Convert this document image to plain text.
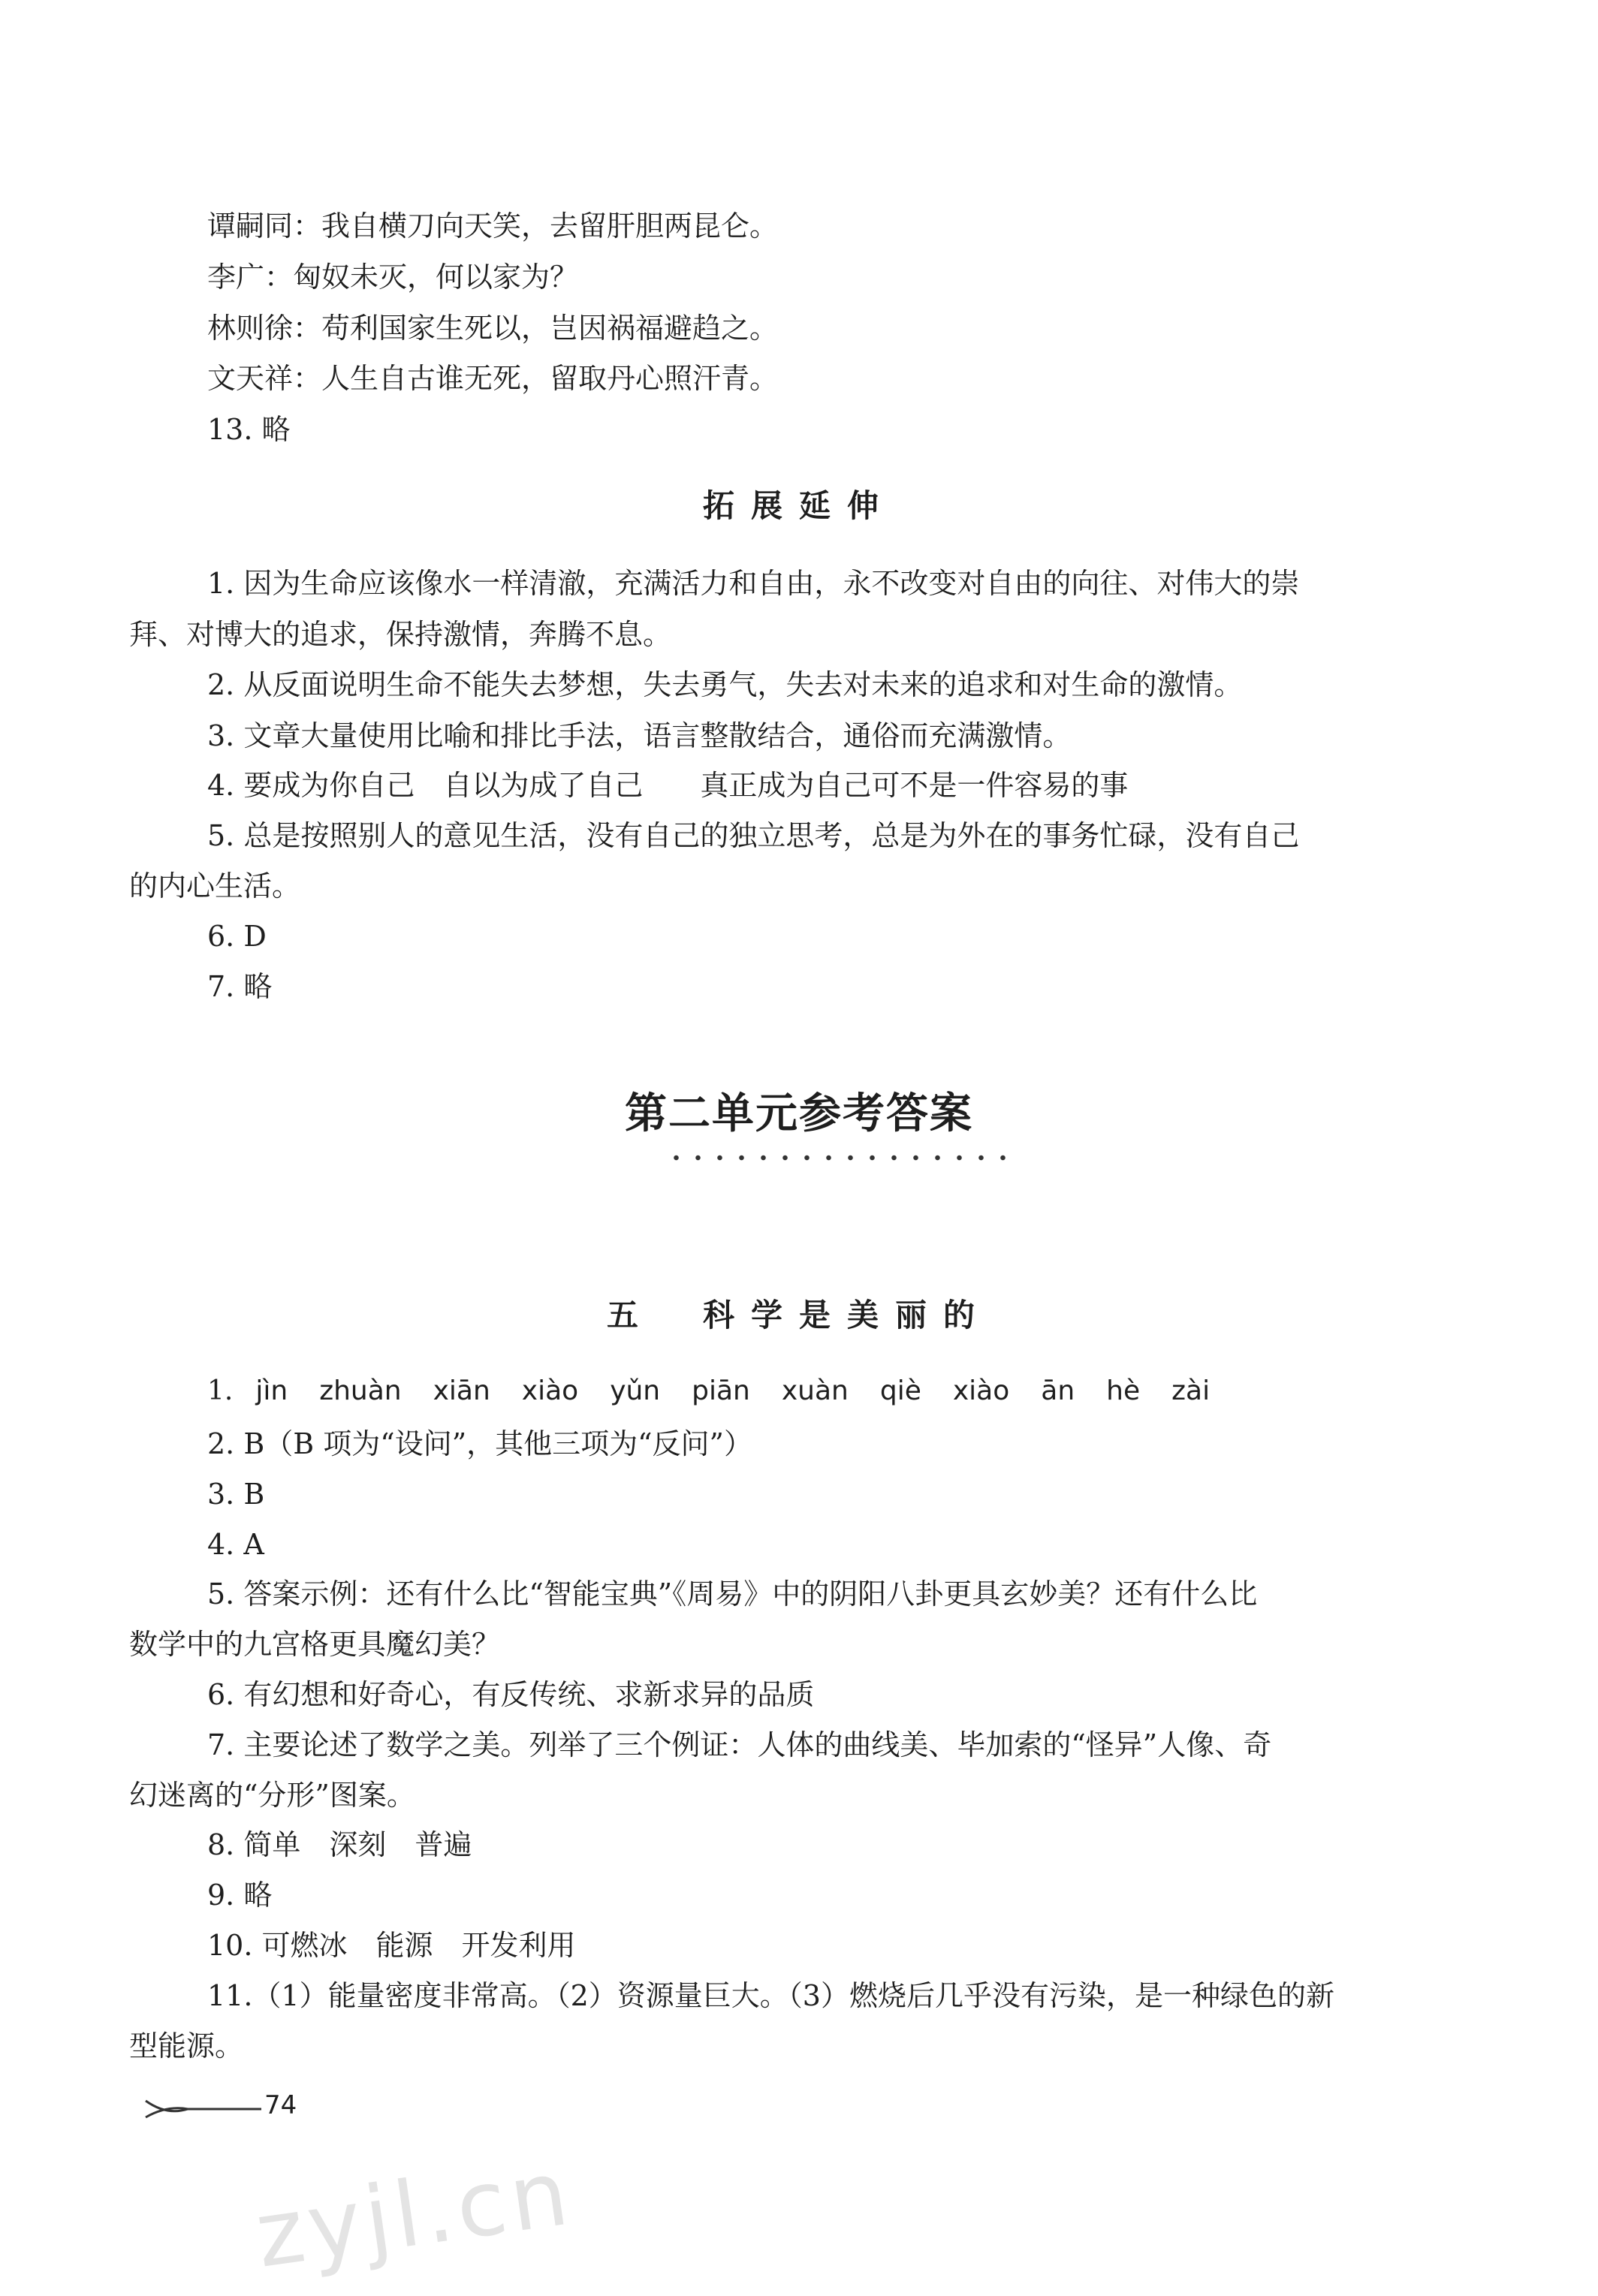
谭嗣同：我自横刀向天笑，去留肝胆两昆仑。
李广：匈奴未灭，何以家为？
林则徐：苟利国家生死以，岂因祸福避趋之。
文天祥：人生自古谁无死，留取丹心照汗青。
13. 略
拓展延伸
1. 因为生命应该像水一样清澈，充满活力和自由，永不改变对自由的向往、对伟大的崇
拜、对博大的追求，保持激情，奔腾不息。
2. 从反面说明生命不能失去梦想，失去勇气，失去对未来的追求和对生命的激情。
3. 文章大量使用比喻和排比手法，语言整散结合，通俗而充满激情。
4. 要成为你自己　自以为成了自己　　真正成为自己可不是一件容易的事
5. 总是按照别人的意见生活，没有自己的独立思考，总是为外在的事务忙碌，没有自己
的内心生活。
6. D
7. 略
第二单元参考答案
五　科学是美丽的
1. jìn zhuàn xiān xiào yǔn piān xuàn qiè xiào ān hè zài
2. B（B 项为“设问”，其他三项为“反问”）
3. B
4. A
5. 答案示例：还有什么比“智能宝典”《周易》中的阴阳八卦更具玄妙美？还有什么比
数学中的九宫格更具魔幻美？
6. 有幻想和好奇心，有反传统、求新求异的品质
7. 主要论述了数学之美。列举了三个例证：人体的曲线美、毕加索的“怪异”人像、奇
幻迷离的“分形”图案。
8. 简单　深刻　普遍
9. 略
10. 可燃冰　能源　开发利用
11.（1）能量密度非常高。（2）资源量巨大。（3）燃烧后几乎没有污染，是一种绿色的新
型能源。
74
zyjl.cn
